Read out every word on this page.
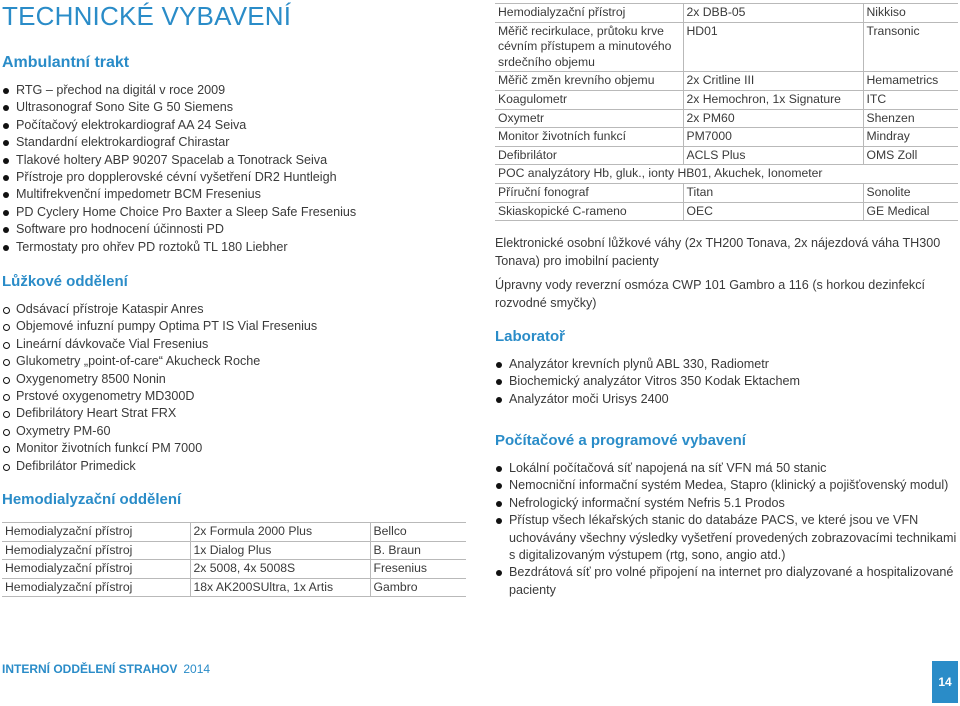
TECHNICKÉ VYBAVENÍ
Ambulantní trakt
RTG – přechod na digitál v roce 2009
Ultrasonograf Sono Site G 50 Siemens
Počítačový elektrokardiograf AA 24 Seiva
Standardní elektrokardiograf Chirastar
Tlakové holtery ABP 90207 Spacelab a Tonotrack Seiva
Přístroje pro dopplerovské cévní vyšetření DR2 Huntleigh
Multifrekvenční impedometr BCM Fresenius
PD Cyclery Home Choice Pro Baxter a Sleep Safe Fresenius
Software pro hodnocení účinnosti PD
Termostaty pro ohřev PD roztoků TL 180 Liebher
Lůžkové oddělení
Odsávací přístroje Kataspir Anres
Objemové infuzní pumpy Optima PT IS Vial Fresenius
Lineární dávkovače Vial Fresenius
Glukometry „point-of-care“ Akucheck Roche
Oxygenometry 8500 Nonin
Prstové oxygenometry MD300D
Defibrilátory Heart Strat FRX
Oxymetry PM-60
Monitor životních funkcí PM 7000
Defibrilátor Primedick
Hemodialyzační oddělení
Hemodialyzační přístroj	2x Formula 2000 Plus	Bellco
Hemodialyzační přístroj	1x Dialog Plus	B. Braun
Hemodialyzační přístroj	2x 5008, 4x 5008S	Fresenius
Hemodialyzační přístroj	18x AK200SUltra, 1x Artis	Gambro
Hemodialyzační přístroj	2x DBB-05	Nikkiso
Měřič recirkulace, průtoku krve cévním přístupem a minutového srdečního objemu	HD01	Transonic
Měřič změn krevního objemu	2x Critline III	Hemametrics
Koagulometr	2x Hemochron, 1x Signature	ITC
Oxymetr	2x PM60	Shenzen
Monitor životních funkcí	PM7000	Mindray
Defibrilátor	ACLS Plus	OMS Zoll
POC analyzátory Hb, gluk., ionty HB01, Akuchek, Ionometer		
Příruční fonograf	Titan	Sonolite
Skiaskopické C-rameno	OEC	GE Medical
Elektronické osobní lůžkové váhy (2x TH200 Tonava, 2x nájezdová váha TH300 Tonava) pro imobilní pacienty
Úpravny vody reverzní osmóza CWP 101 Gambro a 116 (s horkou dezinfekcí rozvodné smyčky)
Laboratoř
Analyzátor krevních plynů ABL 330, Radiometr
Biochemický analyzátor Vitros 350 Kodak Ektachem
Analyzátor moči Urisys 2400
Počítačové a programové vybavení
Lokální počítačová síť napojená na síť VFN má 50 stanic
Nemocniční informační systém Medea, Stapro (klinický a pojišťovenský modul)
Nefrologický informační systém Nefris 5.1 Prodos
Přístup všech lékařských stanic do databáze PACS, ve které jsou ve VFN uchovávány všechny výsledky vyšetření provedených zobrazovacími technikami s digitalizovaným výstupem (rtg, sono, angio atd.)
Bezdrátová síť pro volné připojení na internet pro dialyzované a hospitalizované pacienty
INTERNÍ ODDĚLENÍ STRAHOV 2014
14
